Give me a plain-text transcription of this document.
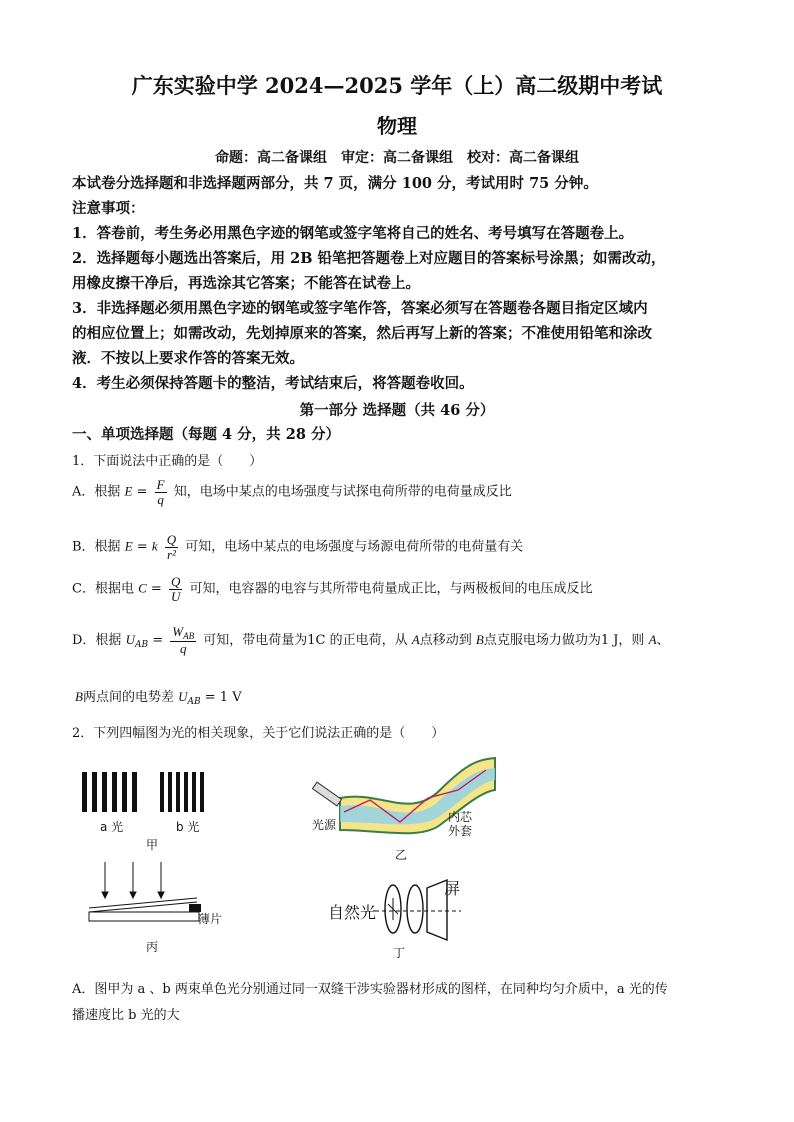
广东实验中学 2024—2025 学年（上）高二级期中考试
物理
命题：高二备课组　审定：高二备课组　校对：高二备课组
本试卷分选择题和非选择题两部分，共 7 页，满分 100 分，考试用时 75 分钟。
注意事项：
1．答卷前，考生务必用黑色字迹的钢笔或签字笔将自己的姓名、考号填写在答题卷上。
2．选择题每小题选出答案后，用 2B 铅笔把答题卷上对应题目的答案标号涂黑；如需改动，
用橡皮擦干净后，再选涂其它答案；不能答在试卷上。
3．非选择题必须用黑色字迹的钢笔或签字笔作答，答案必须写在答题卷各题目指定区域内
的相应位置上；如需改动，先划掉原来的答案，然后再写上新的答案；不准使用铅笔和涂改
液．不按以上要求作答的答案无效。
4．考生必须保持答题卡的整洁，考试结束后，将答题卷收回。
第一部分 选择题（共 46 分）
一、单项选择题（每题 4 分，共 28 分）
1．下面说法中正确的是（　　）
A．根据 $E = \frac{F}{q}$ 知，电场中某点的电场强度与试探电荷所带的电荷量成反比
B．根据 E = k $\frac{Q}{\text{r²}}$ 可知，电场中某点的电场强度与场源电荷所带的电荷量有关
C．根据电 $C = \frac{Q}{U}$ 可知，电容器的电容与其所带电荷量成正比，与两极板间的电压成反比
D．根据 $U_{AB} = \frac{W_{AB}}{q}$ 可知，带电荷量为1C 的正电荷，从 A点移动到 B点克服电场力做功为1 J，则 A、
B两点间的电势差 $U_{AB} = 1$ V
2．下列四幅图为光的相关现象，关于它们说法正确的是（　　）
a 光	b 光
甲
光源
内芯
外套
乙
薄片
丙
自然光
屏
丁
A．图甲为 a 、b 两束单色光分别通过同一双缝干涉实验器材形成的图样，在同种均匀介质中，a 光的传
播速度比 b 光的大
